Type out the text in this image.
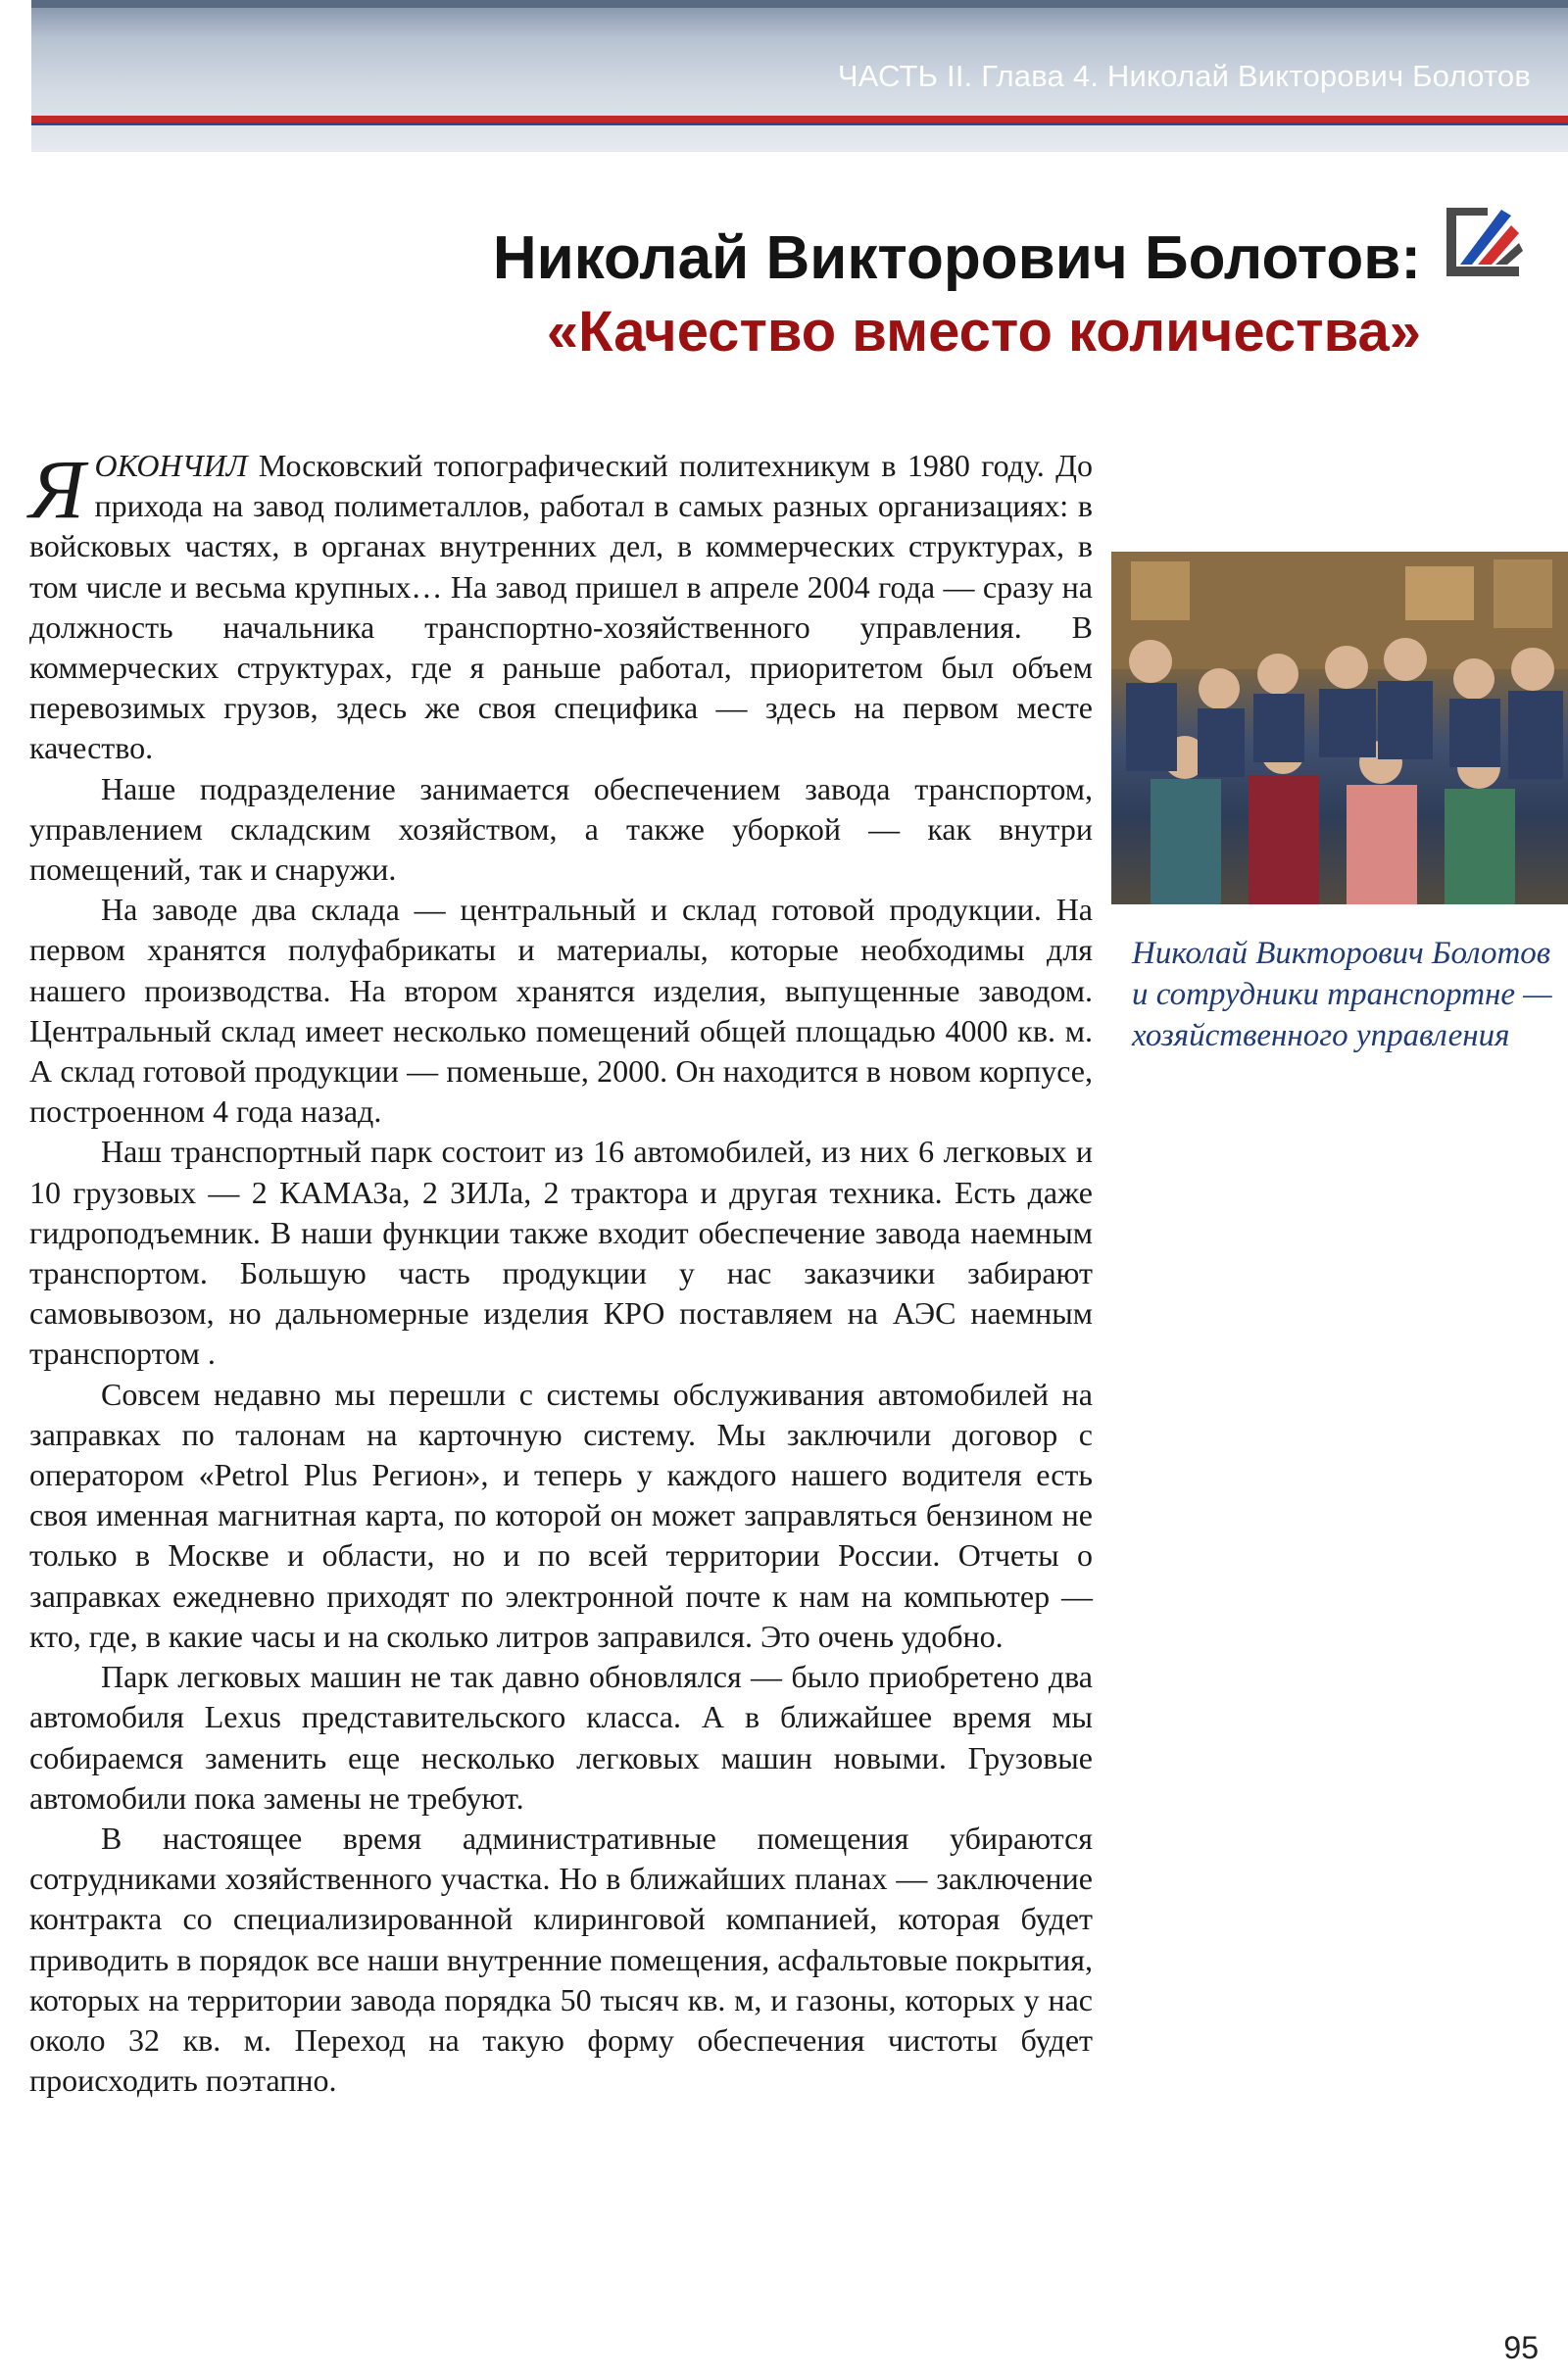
ЧАСТЬ II. Глава 4. Николай Викторович Болотов

Николай Викторович Болотов:
«Качество вместо количества»

ЯОКОНЧИЛ Московский топографический политехникум в 1980 году. До прихода на завод полиметаллов, работал в самых разных организациях: в войсковых частях, в органах внутренних дел, в коммерческих структурах, в том числе и весьма крупных… На завод пришел в апреле 2004 года — сразу на должность начальника транспортно-хозяйственного управления. В коммерческих структурах, где я раньше работал, приоритетом был объем перевозимых грузов, здесь же своя специфика — здесь на первом месте качество.

Наше подразделение занимается обеспечением завода транспортом, управлением складским хозяйством, а также уборкой — как внутри помещений, так и снаружи.

На заводе два склада — центральный и склад готовой продукции. На первом хранятся полуфабрикаты и материалы, которые необходимы для нашего производства. На втором хранятся изделия, выпущенные заводом. Центральный склад имеет несколько помещений общей площадью 4000 кв. м. А склад готовой продукции — поменьше, 2000. Он находится в новом корпусе, построенном 4 года назад.

Наш транспортный парк состоит из 16 автомобилей, из них 6 легковых и 10 грузовых — 2 КАМАЗа, 2 ЗИЛа, 2 трактора и другая техника. Есть даже гидроподъемник. В наши функции также входит обеспечение завода наемным транспортом. Большую часть продукции у нас заказчики забирают самовывозом, но дальномерные изделия КРО поставляем на АЭС наемным транспортом .

Совсем недавно мы перешли с системы обслуживания автомобилей на заправках по талонам на карточную систему. Мы заключили договор с оператором «Petrol Plus Регион», и теперь у каждого нашего водителя есть своя именная магнитная карта, по которой он может заправляться бензином не только в Москве и области, но и по всей территории России. Отчеты о заправках ежедневно приходят по электронной почте к нам на компьютер — кто, где, в какие часы и на сколько литров заправился. Это очень удобно.

Парк легковых машин не так давно обновлялся — было приобретено два автомобиля Lexus представительского класса. А в ближайшее время мы собираемся заменить еще несколько легковых машин новыми. Грузовые автомобили пока замены не требуют.

В настоящее время административные помещения убираются сотрудниками хозяйственного участка. Но в ближайших планах — заключение контракта со специализированной клиринговой компанией, которая будет приводить в порядок все наши внутренние помещения, асфальтовые покрытия, которых на территории завода порядка 50 тысяч кв. м, и газоны, которых у нас около 32 кв. м. Переход на такую форму обеспечения чистоты будет происходить поэтапно.

Николай Викторович Болотов и сотрудники транспортне — хозяйственного управления

95
